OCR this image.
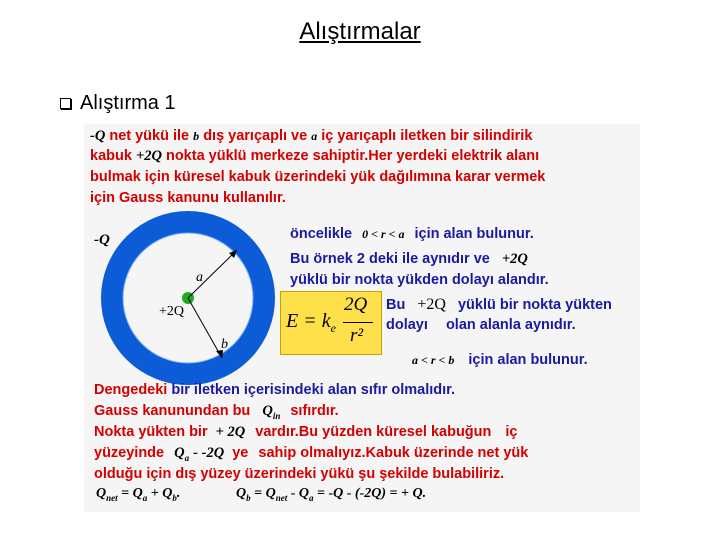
Alıştırmalar
Alıştırma 1
-Q net yükü ile b dış yarıçaplı ve a iç yarıçaplı iletken bir silindirik
kabuk +2Q nokta yüklü merkeze sahiptir.Her yerdeki elektrik alanı
bulmak için küresel kabuk üzerindeki yük dağılımına karar vermek
için Gauss kanunu kullanılır.
-Q
a
b
+2Q
öncelikle 0 < r < a için alan bulunur.
Bu örnek 2 deki ile aynıdır ve +2Q
yüklü bir nokta yükden dolayı alandır.
$E = k_e$
2Q
r²
Bu +2Q yüklü bir nokta yükten
dolayı olan alanla aynıdır.
a < r < b için alan bulunur.
Dengedeki bir iletken içerisindeki alan sıfır olmalıdır.
Gauss kanunundan bu $Q_{in}$ sıfırdır.
Nokta yükten bir + 2Q vardır.Bu yüzden küresel kabuğun iç
yüzeyinde $Q_a - -2Q$ ye sahip olmalıyız.Kabuk üzerinde net yük
olduğu için dış yüzey üzerindeki yükü şu şekilde bulabiliriz.
$Q_{net} = Q_a + Q_b$.	$Q_b = Q_{net} - Q_a = -Q - (-2Q)$ = + Q.
